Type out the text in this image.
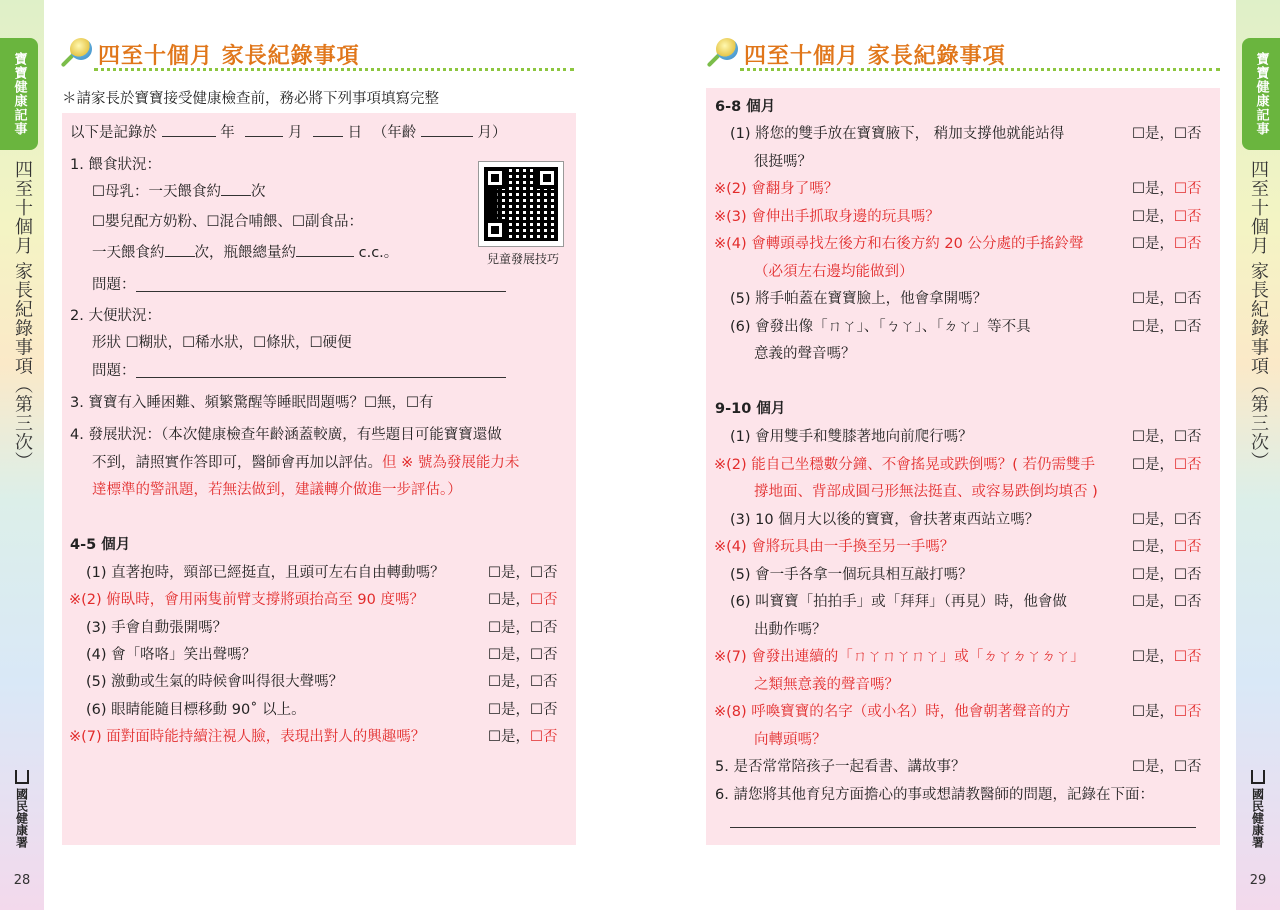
寶寶健康記事
四至十個月 家長紀錄事項（第三次）
國民健康署
28
寶寶健康記事
四至十個月 家長紀錄事項（第三次）
國民健康署
29
四至十個月 家長紀錄事項
＊請家長於寶寶接受健康檢查前，務必將下列事項填寫完整
四至十個月 家長紀錄事項
以下是記錄於	年	月	日 （年齡	月）
1. 餵食狀況：
☐母乳：一天餵食約 次
☐嬰兒配方奶粉、☐混合哺餵、☐副食品：
一天餵食約 次，瓶餵總量約	c.c.。
問題：
兒童發展技巧
2. 大便狀況：
形狀 ☐糊狀，☐稀水狀，☐條狀，☐硬便
問題：
3. 寶寶有入睡困難、頻繁驚醒等睡眠問題嗎？☐無，☐有
4. 發展狀況：（本次健康檢查年齡涵蓋較廣，有些題目可能寶寶還做
不到，請照實作答即可，醫師會再加以評估。但 ※ 號為發展能力未
達標準的警訊題，若無法做到，建議轉介做進一步評估。）
4-5 個月
(1) 直著抱時，頸部已經挺直，且頭可左右自由轉動嗎？	☐是，☐否
※(2) 俯臥時，會用兩隻前臂支撐將頭抬高至 90 度嗎？	☐是，☐否
(3) 手會自動張開嗎？	☐是，☐否
(4) 會「咯咯」笑出聲嗎？	☐是，☐否
(5) 激動或生氣的時候會叫得很大聲嗎？	☐是，☐否
(6) 眼睛能隨目標移動 90˚ 以上。	☐是，☐否
※(7) 面對面時能持續注視人臉，表現出對人的興趣嗎？	☐是，☐否
6-8 個月
(1) 將您的雙手放在寶寶腋下， 稍加支撐他就能站得
很挺嗎？
☐是，☐否
※(2) 會翻身了嗎？	☐是，☐否
※(3) 會伸出手抓取身邊的玩具嗎？	☐是，☐否
※(4) 會轉頭尋找左後方和右後方約 20 公分處的手搖鈴聲
（必須左右邊均能做到）
☐是，☐否
(5) 將手帕蓋在寶寶臉上，他會拿開嗎？	☐是，☐否
(6) 會發出像「ㄇㄚ」、「ㄅㄚ」、「ㄉㄚ」等不具
意義的聲音嗎？
☐是，☐否
9-10 個月
(1) 會用雙手和雙膝著地向前爬行嗎？	☐是，☐否
※(2) 能自己坐穩數分鐘、不會搖晃或跌倒嗎？( 若仍需雙手
撐地面、背部成圓弓形無法挺直、或容易跌倒均填否 )
☐是，☐否
(3) 10 個月大以後的寶寶，會扶著東西站立嗎？	☐是，☐否
※(4) 會將玩具由一手換至另一手嗎？	☐是，☐否
(5) 會一手各拿一個玩具相互敲打嗎？	☐是，☐否
(6) 叫寶寶「拍拍手」或「拜拜」（再見）時，他會做
出動作嗎？
☐是，☐否
※(7) 會發出連續的「ㄇㄚㄇㄚㄇㄚ」或「ㄉㄚㄉㄚㄉㄚ」
之類無意義的聲音嗎？
☐是，☐否
※(8) 呼喚寶寶的名字（或小名）時，他會朝著聲音的方
向轉頭嗎？
☐是，☐否
5. 是否常常陪孩子一起看書、講故事？	☐是，☐否
6. 請您將其他育兒方面擔心的事或想請教醫師的問題，記錄在下面：
